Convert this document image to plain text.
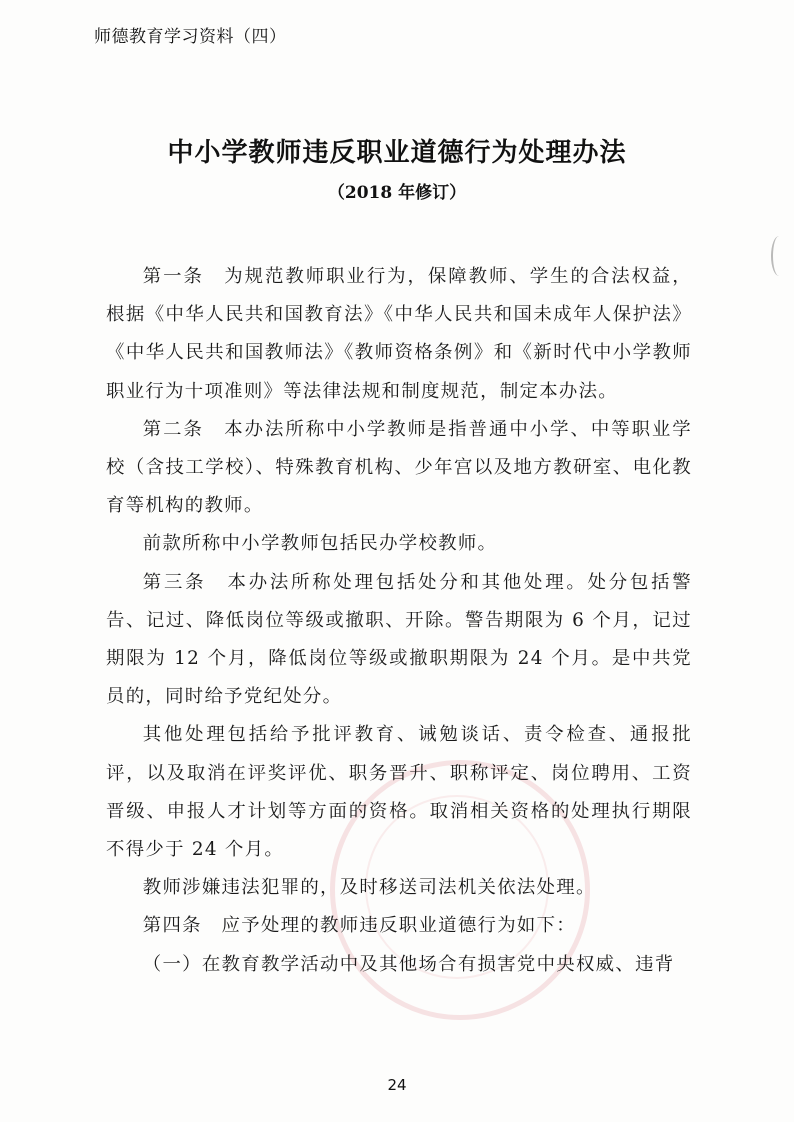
师德教育学习资料（四）
中小学教师违反职业道德行为处理办法
（2018 年修订）

第一条　为规范教师职业行为，保障教师、学生的合法权益，根据《中华人民共和国教育法》《中华人民共和国未成年人保护法》《中华人民共和国教师法》《教师资格条例》和《新时代中小学教师职业行为十项准则》等法律法规和制度规范，制定本办法。

第二条　本办法所称中小学教师是指普通中小学、中等职业学校（含技工学校）、特殊教育机构、少年宫以及地方教研室、电化教育等机构的教师。

前款所称中小学教师包括民办学校教师。

第三条　本办法所称处理包括处分和其他处理。处分包括警告、记过、降低岗位等级或撤职、开除。警告期限为 6 个月，记过期限为 12 个月，降低岗位等级或撤职期限为 24 个月。是中共党员的，同时给予党纪处分。

其他处理包括给予批评教育、诫勉谈话、责令检查、通报批评，以及取消在评奖评优、职务晋升、职称评定、岗位聘用、工资晋级、申报人才计划等方面的资格。取消相关资格的处理执行期限不得少于 24 个月。

教师涉嫌违法犯罪的，及时移送司法机关依法处理。

第四条　应予处理的教师违反职业道德行为如下：

（一）在教育教学活动中及其他场合有损害党中央权威、违背

24
